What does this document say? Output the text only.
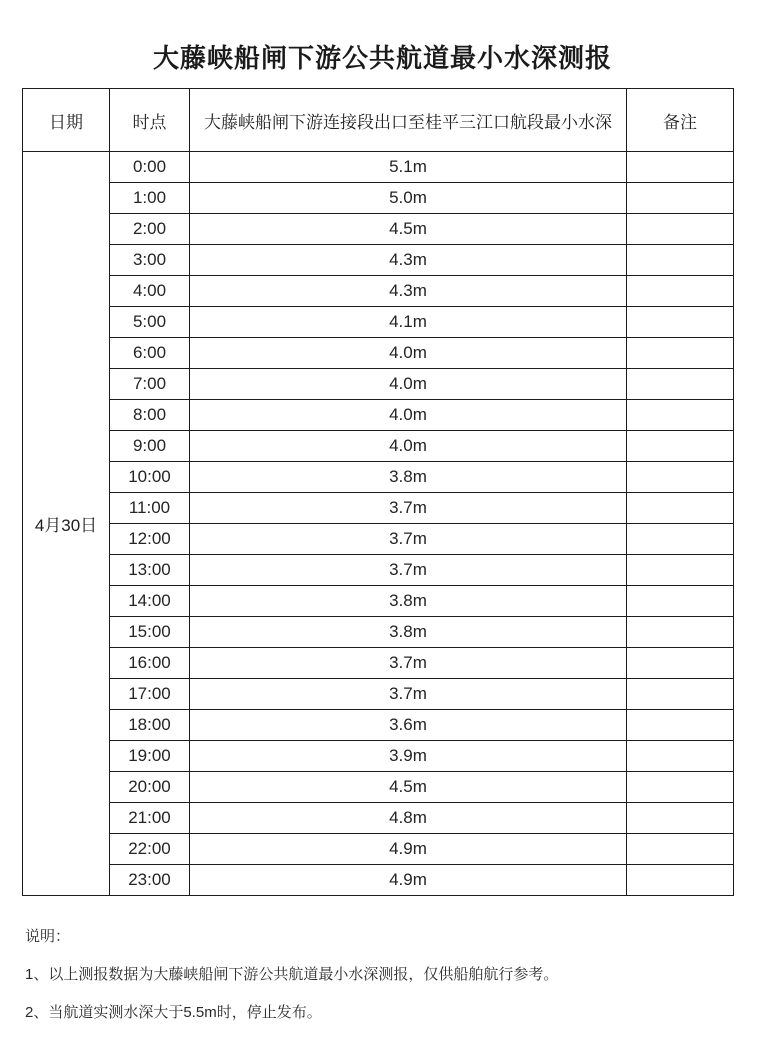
大藤峡船闸下游公共航道最小水深测报
日期	时点	大藤峡船闸下游连接段出口至桂平三江口航段最小水深	备注
4月30日	0:00	5.1m	
	1:00	5.0m	
	2:00	4.5m	
	3:00	4.3m	
	4:00	4.3m	
	5:00	4.1m	
	6:00	4.0m	
	7:00	4.0m	
	8:00	4.0m	
	9:00	4.0m	
	10:00	3.8m	
	11:00	3.7m	
	12:00	3.7m	
	13:00	3.7m	
	14:00	3.8m	
	15:00	3.8m	
	16:00	3.7m	
	17:00	3.7m	
	18:00	3.6m	
	19:00	3.9m	
	20:00	4.5m	
	21:00	4.8m	
	22:00	4.9m	
	23:00	4.9m	

说明：

1、以上测报数据为大藤峡船闸下游公共航道最小水深测报，仅供船舶航行参考。

2、当航道实测水深大于5.5m时，停止发布。
